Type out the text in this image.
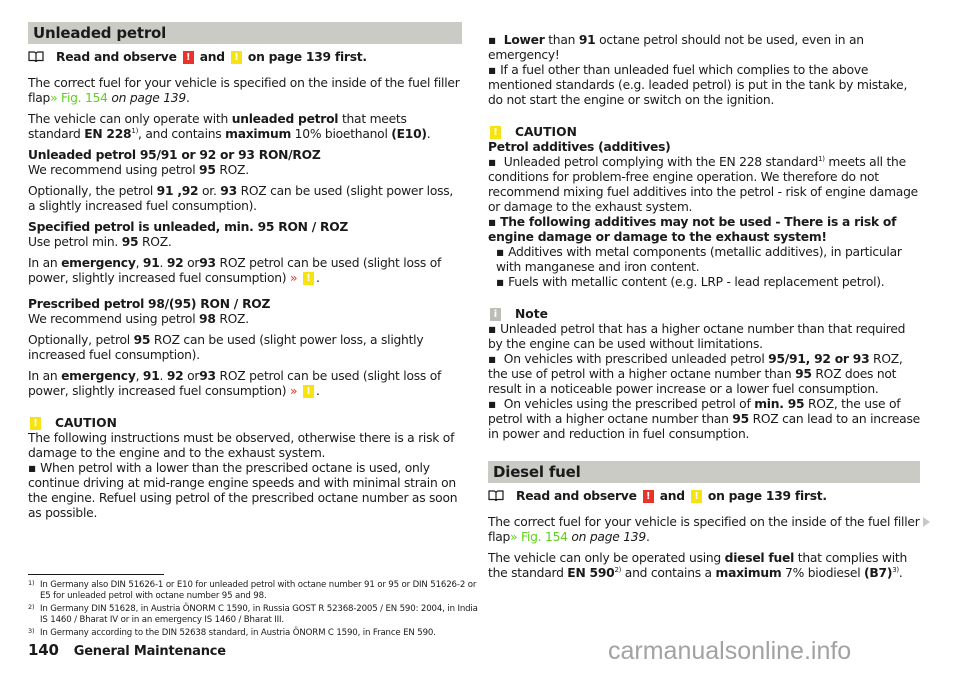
Unleaded petrol
Read and observe
!
and
!
on page 139 first.

The correct fuel for your vehicle is specified on the inside of the fuel filler flap» Fig. 154 on page 139.

The vehicle can only operate with unleaded petrol that meets standard EN 228$^{1)}$, and contains maximum 10% bioethanol (E10).

Unleaded petrol 95/91 or 92 or 93 RON/ROZ
We recommend using petrol 95 ROZ.

Optionally, the petrol 91 ,92 or. 93 ROZ can be used (slight power loss, a slightly increased fuel consumption).

Specified petrol is unleaded, min. 95 RON / ROZ
Use petrol min. 95 ROZ.

In an emergency, 91. 92 or93 ROZ petrol can be used (slight loss of power, slightly increased fuel consumption) » ! .

Prescribed petrol 98/(95) RON / ROZ
We recommend using petrol 98 ROZ.

Optionally, petrol 95 ROZ can be used (slight power loss, a slightly increased fuel consumption).

In an emergency, 91. 92 or93 ROZ petrol can be used (slight loss of power, slightly increased fuel consumption) » ! .

! CAUTION

The following instructions must be observed, otherwise there is a risk of damage to the engine and to the exhaust system.

▪ When petrol with a lower than the prescribed octane is used, only continue driving at mid-range engine speeds and with minimal strain on the engine. Refuel using petrol of the prescribed octane number as soon as possible.

▪ Lower than 91 octane petrol should not be used, even in an emergency!

▪ If a fuel other than unleaded fuel which complies to the above mentioned standards (e.g. leaded petrol) is put in the tank by mistake, do not start the engine or switch on the ignition.

! CAUTION

Petrol additives (additives)

▪ Unleaded petrol complying with the EN 228 standard$^{1)}$ meets all the conditions for problem-free engine operation. We therefore do not recommend mixing fuel additives into the petrol - risk of engine damage or damage to the exhaust system.

▪ The following additives may not be used - There is a risk of engine damage or damage to the exhaust system!

▪ Additives with metal components (metallic additives), in particular with manganese and iron content.

▪ Fuels with metallic content (e.g. LRP - lead replacement petrol).

i	Note

▪ Unleaded petrol that has a higher octane number than that required by the engine can be used without limitations.

▪ On vehicles with prescribed unleaded petrol 95/91, 92 or 93 ROZ, the use of petrol with a higher octane number than 95 ROZ does not result in a noticeable power increase or a lower fuel consumption.

▪ On vehicles using the prescribed petrol of min. 95 ROZ, the use of petrol with a higher octane number than 95 ROZ can lead to an increase in power and reduction in fuel consumption.

Diesel fuel
Read and observe
!
and
!
on page 139 first.

The correct fuel for your vehicle is specified on the inside of the fuel filler flap» Fig. 154 on page 139.

The vehicle can only be operated using diesel fuel that complies with the standard EN 590$^{2)}$ and contains a maximum 7% biodiesel $(B7)^{3)}$.

1) In Germany also DIN 51626-1 or E10 for unleaded petrol with octane number 91 or 95 or DIN 51626-2 or E5 for unleaded petrol with octane number 95 and 98.
2) In Germany DIN 51628, in Austria ÖNORM C 1590, in Russia GOST R 52368-2005 / EN 590: 2004, in India IS 1460 / Bharat IV or in an emergency IS 1460 / Bharat III.
3) In Germany according to the DIN 52638 standard, in Austria ÖNORM C 1590, in France EN 590.
140 General Maintenance	carmanualsonline.info
